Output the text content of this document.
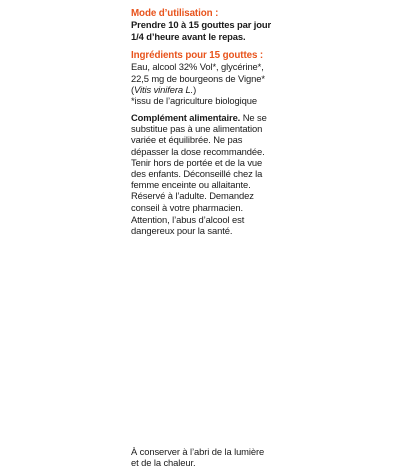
Mode d’utilisation :
Prendre 10 à 15 gouttes par jour
1/4 d’heure avant le repas.
Ingrédients pour 15 gouttes :
Eau, alcool 32% Vol*, glycérine*,
22,5 mg de bourgeons de Vigne*
(Vitis vinifera L.)
*issu de l’agriculture biologique
Complément alimentaire. Ne se
substitue pas à une alimentation
variée et équilibrée. Ne pas
dépasser la dose recommandée.
Tenir hors de portée et de la vue
des enfants. Déconseillé chez la
femme enceinte ou allaitante.
Réservé à l’adulte. Demandez
conseil à votre pharmacien.
Attention, l’abus d’alcool est
dangereux pour la santé.
À conserver à l’abri de la lumière
et de la chaleur.
